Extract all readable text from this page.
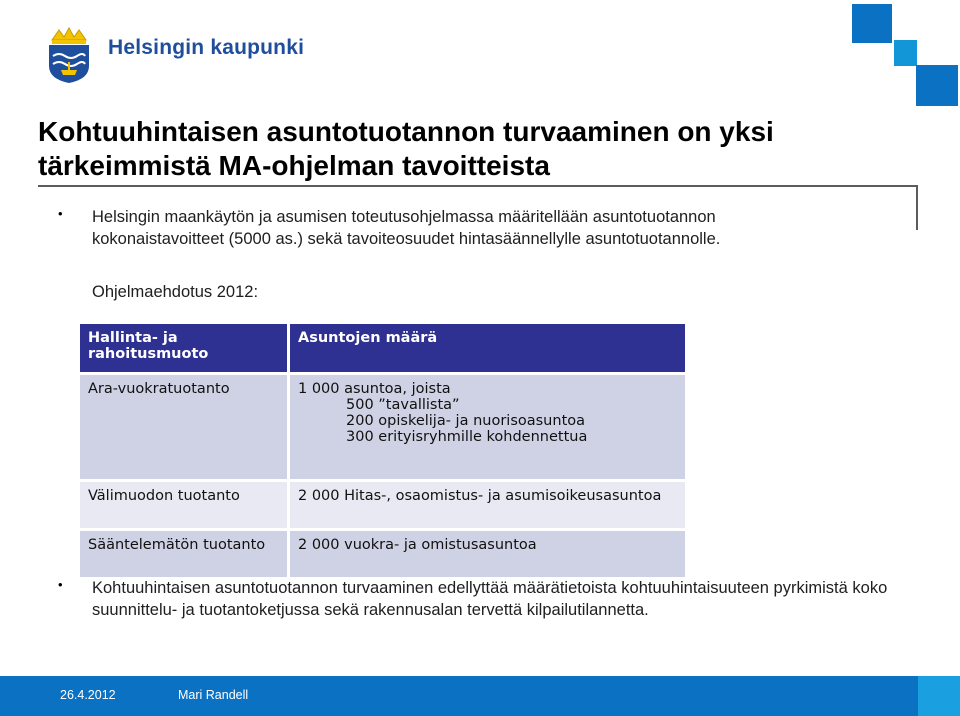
Helsingin kaupunki
Kohtuuhintaisen asuntotuotannon turvaaminen on yksi tärkeimmistä MA-ohjelman tavoitteista
• Helsingin maankäytön ja asumisen toteutusohjelmassa määritellään asuntotuotannon kokonaistavoitteet (5000 as.) sekä tavoiteosuudet hintasäännellylle asuntotuotannolle.
Ohjelmaehdotus 2012:
Hallinta- ja rahoitusmuoto	Asuntojen määrä
Ara-vuokratuotanto	1 000 asuntoa, joista
500 ”tavallista”
200 opiskelija- ja nuorisoasuntoa
300 erityisryhmille kohdennettua

Välimuodon tuotanto	2 000 Hitas-, osaomistus- ja asumisoikeusasuntoa
Sääntelemätön tuotanto	2 000 vuokra- ja omistusasuntoa
• Kohtuuhintaisen asuntotuotannon turvaaminen edellyttää määrätietoista kohtuuhintaisuuteen pyrkimistä koko suunnittelu- ja tuotantoketjussa sekä rakennusalan tervettä kilpailutilannetta.
26.4.2012	Mari Randell
